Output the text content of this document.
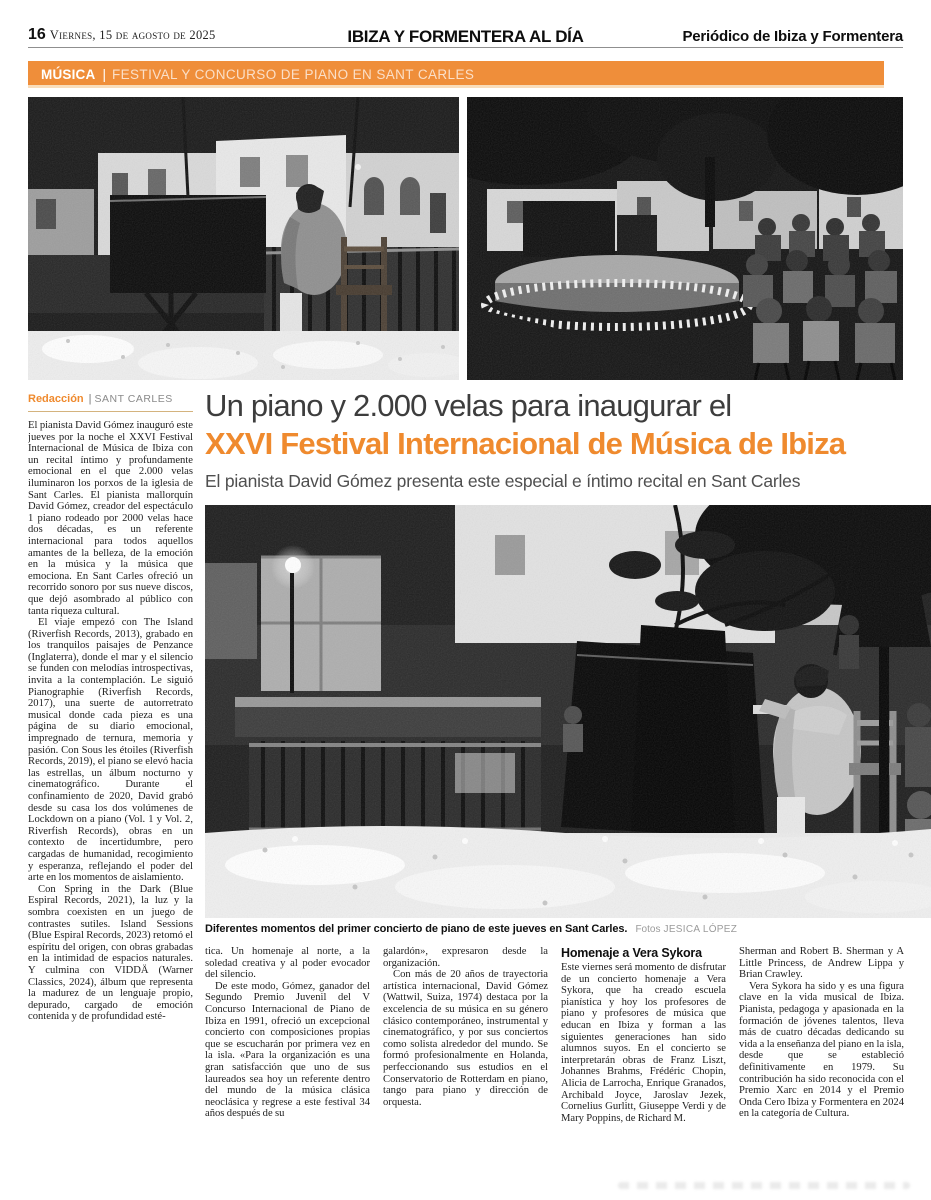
16 Viernes, 15 de agosto de 2025	IBIZA Y FORMENTERA AL DÍA	Periódico de Ibiza y Formentera
MÚSICA | FESTIVAL Y CONCURSO DE PIANO EN SANT CARLES
Redacción | SANT CARLES

El pianista David Gómez inauguró este jueves por la noche el XXVI Festival Internacional de Música de Ibiza con un recital íntimo y profundamente emocional en el que 2.000 velas iluminaron los porxos de la iglesia de Sant Carles. El pianista mallorquín David Gómez, creador del espectáculo 1 piano rodeado por 2000 velas hace dos décadas, es un referente internacional para todos aquellos amantes de la belleza, de la emoción en la música y la música que emociona. En Sant Carles ofreció un recorrido sonoro por sus nueve discos, que dejó asombrado al público con tanta riqueza cultural.

El viaje empezó con The Island (Riverfish Records, 2013), grabado en los tranquilos paisajes de Penzance (Inglaterra), donde el mar y el silencio se funden con melodías introspectivas, invita a la contemplación. Le siguió Pianographie (Riverfish Records, 2017), una suerte de autorretrato musical donde cada pieza es una página de su diario emocional, impregnado de ternura, memoria y pasión. Con Sous les étoiles (Riverfish Records, 2019), el piano se elevó hacia las estrellas, un álbum nocturno y cinematográfico. Durante el confinamiento de 2020, David grabó desde su casa los dos volúmenes de Lockdown on a piano (Vol. 1 y Vol. 2, Riverfish Records), obras en un contexto de incertidumbre, pero cargadas de humanidad, recogimiento y esperanza, reflejando el poder del arte en los momentos de aislamiento.

Con Spring in the Dark (Blue Espiral Records, 2021), la luz y la sombra coexisten en un juego de contrastes sutiles. Island Sessions (Blue Espiral Records, 2023) retomó el espíritu del origen, con obras grabadas en la intimidad de espacios naturales. Y culmina con VIDDÄ (Warner Classics, 2024), álbum que representa la madurez de un lenguaje propio, depurado, cargado de emoción contenida y de profundidad esté-

Un piano y 2.000 velas para inaugurar el
XXVI Festival Internacional de Música de Ibiza
El pianista David Gómez presenta este especial e íntimo recital en Sant Carles
Diferentes momentos del primer concierto de piano de este jueves en Sant Carles. Fotos JESICA LÓPEZ

tica. Un homenaje al norte, a la soledad creativa y al poder evocador del silencio.

De este modo, Gómez, ganador del Segundo Premio Juvenil del V Concurso Internacional de Piano de Ibiza en 1991, ofreció un excepcional concierto con composiciones propias que se escucharán por primera vez en la isla. «Para la organización es una gran satisfacción que uno de sus laureados sea hoy un referente dentro del mundo de la música clásica neoclásica y regrese a este festival 34 años después de su

galardón», expresaron desde la organización.

Con más de 20 años de trayectoria artística internacional, David Gómez (Wattwil, Suiza, 1974) destaca por la excelencia de su música en su género clásico contemporáneo, instrumental y cinematográfico, y por sus conciertos como solista alrededor del mundo. Se formó profesionalmente en Holanda, perfeccionando sus estudios en el Conservatorio de Rotterdam en piano, tango para piano y dirección de orquesta.

Homenaje a Vera Sykora

Este viernes será momento de disfrutar de un concierto homenaje a Vera Sykora, que ha creado escuela pianística y hoy los profesores de piano y profesores de música que educan en Ibiza y forman a las siguientes generaciones han sido alumnos suyos. En el concierto se interpretarán obras de Franz Liszt, Johannes Brahms, Frédéric Chopin, Alicia de Larrocha, Enrique Granados, Archibald Joyce, Jaroslav Jezek, Cornelius Gurlitt, Giuseppe Verdi y de Mary Poppins, de Richard M.

Sherman and Robert B. Sherman y A Little Princess, de Andrew Lippa y Brian Crawley.

Vera Sykora ha sido y es una figura clave en la vida musical de Ibiza. Pianista, pedagoga y apasionada en la formación de jóvenes talentos, lleva más de cuatro décadas dedicando su vida a la enseñanza del piano en la isla, desde que se estableció definitivamente en 1979. Su contribución ha sido reconocida con el Premio Xarc en 2014 y el Premio Onda Cero Ibiza y Formentera en 2024 en la categoría de Cultura.
